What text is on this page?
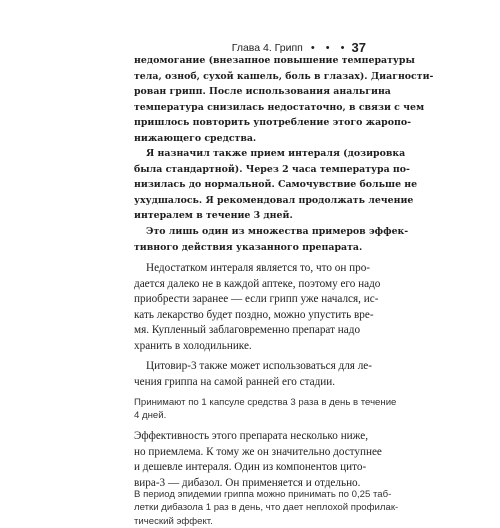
Глава 4. Грипп • • • 37
недомогание (внезапное повышение температуры
тела, озноб, сухой кашель, боль в глазах). Диагности-
рован грипп. После использования анальгина
температура снизилась недостаточно, в связи с чем
пришлось повторить употребление этого жаропо-
нижающего средства.
Я назначил также прием интераля (дозировка
была стандартной). Через 2 часа температура по-
низилась до нормальной. Самочувствие больше не
ухудшалось. Я рекомендовал продолжать лечение
интералем в течение 3 дней.
Это лишь один из множества примеров эффек-
тивного действия указанного препарата.
Недостатком интераля является то, что он про-
дается далеко не в каждой аптеке, поэтому его надо
приобрести заранее — если грипп уже начался, ис-
кать лекарство будет поздно, можно упустить вре-
мя. Купленный заблаговременно препарат надо
хранить в холодильнике.
Цитовир-3 также может использоваться для ле-
чения гриппа на самой ранней его стадии.
Принимают по 1 капсуле средства 3 раза в день в течение
4 дней.
Эффективность этого препарата несколько ниже,
но приемлема. К тому же он значительно доступнее
и дешевле интераля. Один из компонентов цито-
вира-3 — дибазол. Он применяется и отдельно.
В период эпидемии гриппа можно принимать по 0,25 таб-
летки дибазола 1 раз в день, что дает неплохой профилак-
тический эффект.
